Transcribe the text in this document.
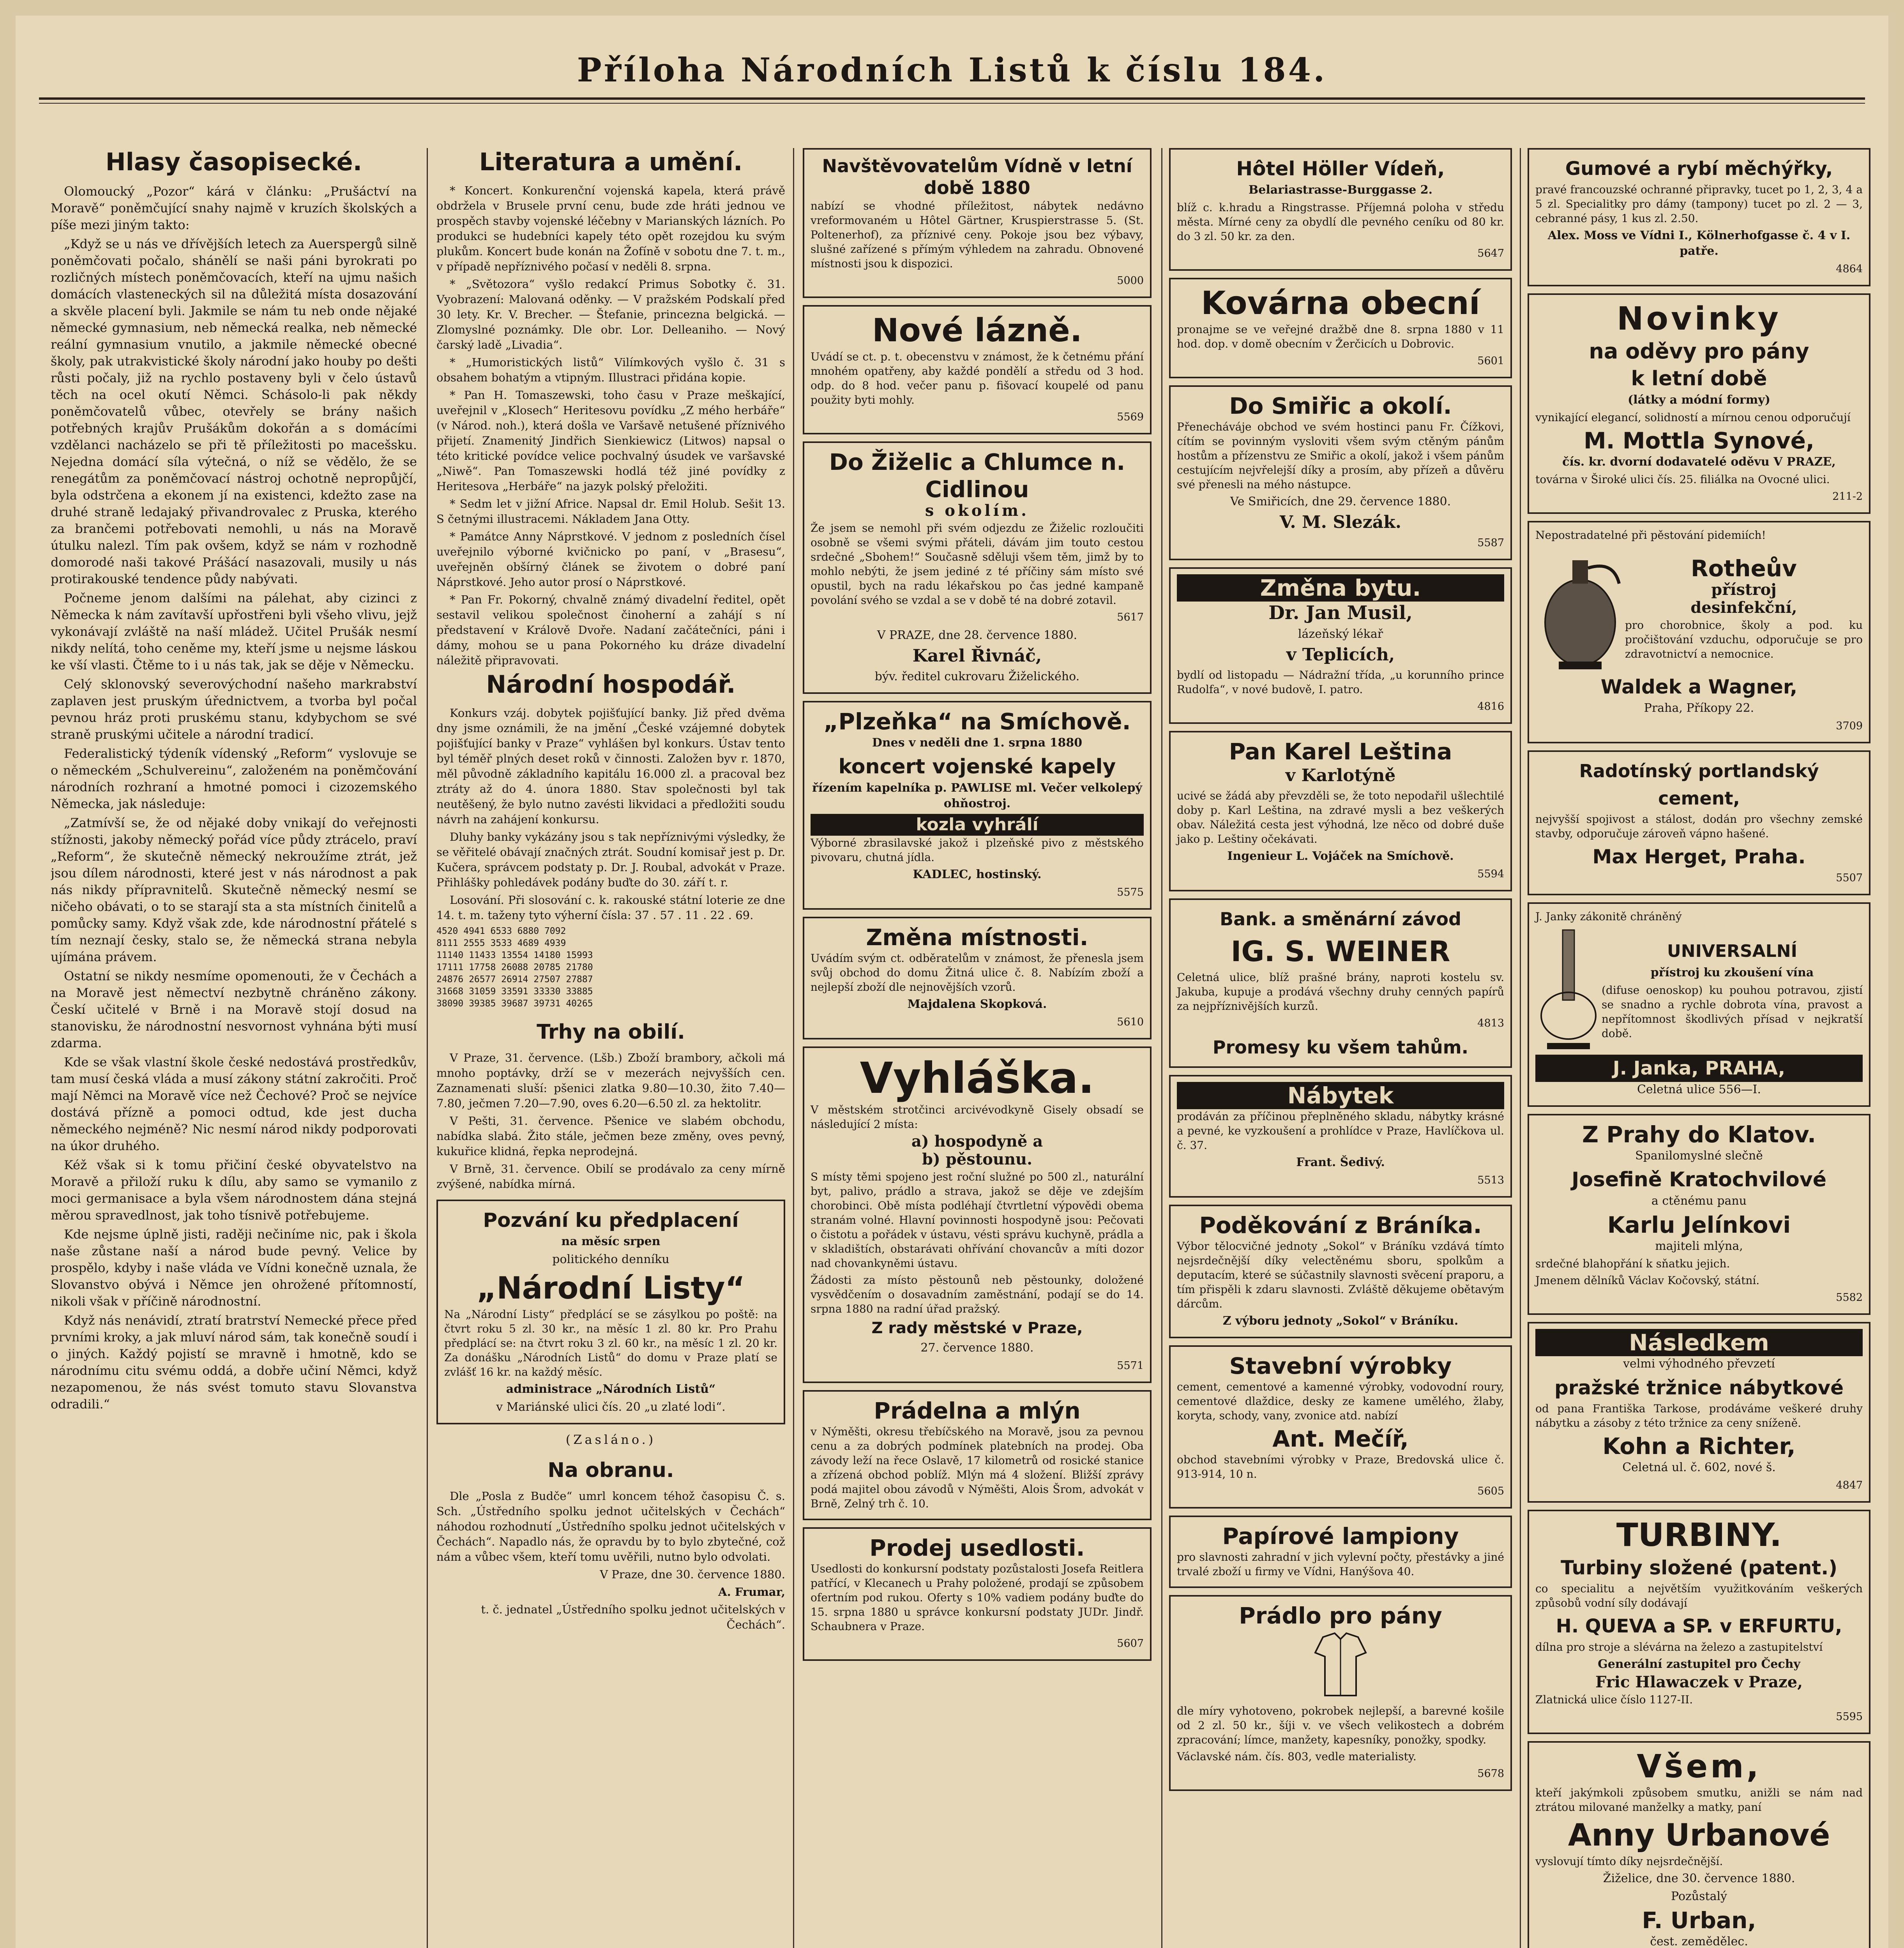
Příloha Národních Listů k číslu 184.
Hlasy časopisecké.

Olomoucký „Pozor“ kárá v článku: „Prušáctví na Moravě“ poněmčující snahy najmě v kruzích školských a píše mezi jiným takto:

„Když se u nás ve dřívějších letech za Auerspergů silně poněmčovati počalo, shánělí se naši páni byrokrati po rozličných místech poněmčovacích, kteří na ujmu našich domácích vlasteneckých sil na důležitá místa dosazování a skvěle placení byli. Jakmile se nám tu neb onde nějaké německé gymnasium, neb německá realka, neb německé reální gymnasium vnutilo, a jakmile německé obecné školy, pak utrakvistické školy národní jako houby po dešti růsti počaly, již na rychlo postaveny byli v čelo ústavů těch na ocel okutí Němci. Schásolo-li pak někdy poněmčovatelů vůbec, otevřely se brány našich potřebných krajův Prušákům dokořán a s domácími vzdělanci nacházelo se při tě příležitosti po macešsku. Nejedna domácí síla výtečná, o níž se vědělo, že se renegátům za poněmčovací nástroj ochotně nepropůjčí, byla odstrčena a ekonem jí na existenci, kdežto zase na druhé straně ledajaký přivandrovalec z Pruska, kterého za brančemi potřebovati nemohli, u nás na Moravě útulku nalezl. Tím pak ovšem, když se nám v rozhodně domorodé naši takové Prášácí nasazovali, musily u nás protirakouské tendence půdy nabývati.

Počneme jenom dalšími na pálehat, aby cizinci z Německa k nám zavítavší upřostřeni byli všeho vlivu, jejž vykonávají zvláště na naší mládež. Učitel Prušák nesmí nikdy nelítá, toho ceněme my, kteří jsme u nejsme láskou ke vší vlasti. Čtěme to i u nás tak, jak se děje v Německu.

Celý sklonovský severovýchodní našeho markrabství zaplaven jest pruským úřednictvem, a tvorba byl počal pevnou hráz proti pruskému stanu, kdybychom se své straně pruskými učitele a národní tradicí.

Federalistický týdeník vídenský „Reform“ vyslovuje se o německém „Schulvereinu“, založeném na poněmčování národních rozhraní a hmotné pomoci i cizozemského Německa, jak následuje:

„Zatmívší se, že od nějaké doby vnikají do veřejnosti stížnosti, jakoby německý pořád více půdy ztrácelo, praví „Reform“, že skutečně německý nekroužíme ztrát, jež jsou dílem národnosti, které jest v nás národnost a pak nás nikdy přípravnitelů. Skutečně německý nesmí se ničeho obávati, o to se starají sta a sta místních činitelů a pomůcky samy. Když však zde, kde národnostní přátelé s tím neznají česky, stalo se, že německá strana nebyla ujímána právem.

Ostatní se nikdy nesmíme opomenouti, že v Čechách a na Moravě jest němectví nezbytně chráněno zákony. Českí učitelé v Brně i na Moravě stojí dosud na stanovisku, že národnostní nesvornost vyhnána býti musí zdarma.

Kde se však vlastní škole české nedostává prostředkův, tam musí česká vláda a musí zákony státní zakročiti. Proč mají Němci na Moravě více než Čechové? Proč se nejvíce dostává přízně a pomoci odtud, kde jest ducha německého nejméně? Nic nesmí národ nikdy podporovati na úkor druhého.

Kéž však si k tomu přičiní české obyvatelstvo na Moravě a přiloží ruku k dílu, aby samo se vymanilo z moci germanisace a byla všem národnostem dána stejná měrou spravedlnost, jak toho tísnivě potřebujeme.

Kde nejsme úplně jisti, raději nečiníme nic, pak i škola naše zůstane naší a národ bude pevný. Velice by prospělo, kdyby i naše vláda ve Vídni konečně uznala, že Slovanstvo obývá i Němce jen ohrožené přítomností, nikoli však v příčině národnostní.

Když nás nenávidí, ztratí bratrství Nemecké přece před prvními kroky, a jak mluví národ sám, tak konečně soudí i o jiných. Každý pojistí se mravně i hmotně, kdo se národnímu citu svému oddá, a dobře učiní Němci, když nezapomenou, že nás svést tomuto stavu Slovanstva odradili.“

Literatura a umění.

* Koncert. Konkurenční vojenská kapela, která právě obdržela v Brusele první cenu, bude zde hráti jednou ve prospěch stavby vojenské léčebny v Marianských lázních. Po produkci se hudebníci kapely této opět rozejdou ku svým plukům. Koncert bude konán na Žofíně v sobotu dne 7. t. m., v případě nepříznivého počasí v neděli 8. srpna.

* „Světozora“ vyšlo redakcí Primus Sobotky č. 31. Vyobrazení: Malovaná oděnky. — V pražském Podskalí před 30 lety. Kr. V. Brecher. — Štefanie, princezna belgická. — Zlomyslné poznámky. Dle obr. Lor. Delleaniho. — Nový čarský ladě „Livadia“.

* „Humoristických listů“ Vilímkových vyšlo č. 31 s obsahem bohatým a vtipným. Illustraci přidána kopie.

* Pan H. Tomaszewski, toho času v Praze meškající, uveřejnil v „Klosech“ Heritesovu povídku „Z mého herbáře“ (v Národ. noh.), která došla ve Varšavě netušené příznivého přijetí. Znamenitý Jindřich Sienkiewicz (Litwos) napsal o této kritické povídce velice pochvalný úsudek ve varšavské „Niwě“. Pan Tomaszewski hodlá též jiné povídky z Heritesova „Herbáře“ na jazyk polský přeložiti.

* Sedm let v jižní Africe. Napsal dr. Emil Holub. Sešit 13. S četnými illustracemi. Nákladem Jana Otty.

* Památce Anny Náprstkové. V jednom z posledních čísel uveřejnilo výborné kvičnicko po paní, v „Brasesu“, uveřejněn obšírný článek se životem o dobré paní Náprstkové. Jeho autor prosí o Náprstkové.

* Pan Fr. Pokorný, chvalně známý divadelní ředitel, opět sestavil velikou společnost činoherní a zahájí s ní představení v Králově Dvoře. Nadaní začátečníci, páni i dámy, mohou se u pana Pokorného ku dráze divadelní náležitě připravovati.

Národní hospodář.

Konkurs vzáj. dobytek pojišťující banky. Již před dvěma dny jsme oznámili, že na jmění „České vzájemné dobytek pojišťující banky v Praze“ vyhlášen byl konkurs. Ústav tento byl téměř plných deset roků v činnosti. Založen byv r. 1870, měl původně základního kapitálu 16.000 zl. a pracoval bez ztráty až do 4. února 1880. Stav společnosti byl tak neutěšený, že bylo nutno zavésti likvidaci a předložiti soudu návrh na zahájení konkursu.

Dluhy banky vykázány jsou s tak nepříznivými výsledky, že se věřitelé obávají značných ztrát. Soudní komisař jest p. Dr. Kučera, správcem podstaty p. Dr. J. Roubal, advokát v Praze. Přihlášky pohledávek podány buďte do 30. září t. r.

Losování. Při slosování c. k. rakouské státní loterie ze dne 14. t. m. taženy tyto výherní čísla: 37 . 57 . 11 . 22 . 69.

4520 4941 6533 6880 7092
8111 2555 3533 4689 4939
11140 11433 13554 14180 15993
17111 17758 26088 20785 21780
24876 26577 26914 27507 27887
31668 31059 33591 33330 33885
38090 39385 39687 39731 40265
Trhy na obilí.

V Praze, 31. července. (Lšb.) Zboží brambory, ačkoli má mnoho poptávky, drží se v mezerách nejvyšších cen. Zaznamenati sluší: pšenici zlatka 9.80—10.30, žito 7.40—7.80, ječmen 7.20—7.90, oves 6.20—6.50 zl. za hektolitr.

V Pešti, 31. července. Pšenice ve slabém obchodu, nabídka slabá. Žito stále, ječmen beze změny, oves pevný, kukuřice klidná, řepka neprodejná.

V Brně, 31. července. Obilí se prodávalo za ceny mírně zvýšené, nabídka mírná.

Pozvání ku předplacení

na měsíc srpen

politického denníku

„Národní Listy“

Na „Národní Listy“ předplácí se se zásylkou po poště: na čtvrt roku 5 zl. 30 kr., na měsíc 1 zl. 80 kr. Pro Prahu předplácí se: na čtvrt roku 3 zl. 60 kr., na měsíc 1 zl. 20 kr. Za donášku „Národních Listů“ do domu v Praze platí se zvlášť 16 kr. na každý měsíc.

administrace „Národních Listů“

v Mariánské ulici čís. 20 „u zlaté lodi“.

(Zasláno.)

Na obranu.

Dle „Posla z Budče“ umrl koncem téhož časopisu Č. s. Sch. „Ústředního spolku jednot učitelských v Čechách“ náhodou rozhodnutí „Ústředního spolku jednot učitelských v Čechách“. Napadlo nás, že opravdu by to bylo zbytečné, což nám a vůbec všem, kteří tomu uvěřili, nutno bylo odvolati.

V Praze, dne 30. července 1880.

A. Frumar,

t. č. jednatel „Ústředního spolku jednot učitelských v Čechách“.

Navštěvovatelům Vídně v letní době 1880

nabízí se vhodné příležitost, nábytek nedávno vreformovaném u Hôtel Gärtner, Kruspierstrasse 5. (St. Poltenerhof), za příznivé ceny. Pokoje jsou bez výbavy, slušné zařízené s přímým výhledem na zahradu. Obnovené místnosti jsou k dispozici.

5000

Nové lázně.

Uvádí se ct. p. t. obecenstvu v známost, že k četnému přání mnohém opatřeny, aby každé pondělí a středu od 3 hod. odp. do 8 hod. večer panu p. fišovací koupelé od panu použity byti mohly.

5569

Do Žiželic a Chlumce n. Cidlinou

s okolím.

Že jsem se nemohl při svém odjezdu ze Žiželic rozloučiti osobně se všemi svými přáteli, dávám jim touto cestou srdečné „Sbohem!“ Současně sděluji všem těm, jimž by to mohlo nebýti, že jsem jediné z té příčiny sám místo své opustil, bych na radu lékařskou po čas jedné kampaně povolání svého se vzdal a se v době té na dobré zotavil.

5617

V PRAZE, dne 28. července 1880.

Karel Řivnáč,

býv. ředitel cukrovaru Žiželického.

„Plzeňka“ na Smíchově.

Dnes v neděli dne 1. srpna 1880

koncert vojenské kapely

řízením kapelníka p. PAWLISE ml. Večer velkolepý ohňostroj.

kozla vyhrálí

Výborné zbrasilavské jakož i plzeňské pivo z městského pivovaru, chutná jídla.

KADLEC, hostinský.

5575

Změna místnosti.

Uvádím svým ct. odběratelům v známost, že přenesla jsem svůj obchod do domu Žitná ulice č. 8. Nabízím zboží a nejlepší zboží dle nejnovějších vzorů.

Majdalena Skopková.

5610

Vyhláška.

V městském strotčinci arcivévodkyně Gisely obsadí se následující 2 místa:

a) hospodyně a

b) pěstounu.

S místy těmi spojeno jest roční služné po 500 zl., naturální byt, palivo, prádlo a strava, jakož se děje ve zdejším chorobinci. Obě místa podléhají čtvrtletní výpovědi obema stranám volné. Hlavní povinnosti hospodyně jsou: Pečovati o čistotu a pořádek v ústavu, vésti správu kuchyně, prádla a v skladištích, obstarávati ohřívání chovancův a míti dozor nad chovankyněmi ústavu.

Žádosti za místo pěstounů neb pěstounky, doložené vysvědčením o dosavadním zaměstnání, podají se do 14. srpna 1880 na radní úřad pražský.

Z rady městské v Praze,

27. července 1880.

5571

Prádelna a mlýn

v Nýměšti, okresu třebíčského na Moravě, jsou za pevnou cenu a za dobrých podmínek platebních na prodej. Oba závody leží na řece Oslavě, 17 kilometrů od rosické stanice a zřízená obchod poblíž. Mlýn má 4 složení. Bližší zprávy podá majitel obou závodů v Nýměšti, Alois Šrom, advokát v Brně, Zelný trh č. 10.

Prodej usedlosti.

Usedlosti do konkursní podstaty pozůstalosti Josefa Reitlera patřící, v Klecanech u Prahy položené, prodají se způsobem ofertním pod rukou. Oferty s 10% vadiem podány buďte do 15. srpna 1880 u správce konkursní podstaty JUDr. Jindř. Schaubnera v Praze.

5607

Hôtel Höller Vídeň,

Belariastrasse-Burggasse 2.

blíž c. k.hradu a Ringstrasse. Příjemná poloha v středu města. Mírné ceny za obydlí dle pevného ceníku od 80 kr. do 3 zl. 50 kr. za den.

5647

Kovárna obecní

pronajme se ve veřejné dražbě dne 8. srpna 1880 v 11 hod. dop. v domě obecním v Žerčicích u Dobrovic.

5601

Do Smiřic a okolí.

Přenecháváje obchod ve svém hostinci panu Fr. Čížkovi, cítím se povinným vysloviti všem svým ctěným pánům hostům a přízenstvu ze Smiřic a okolí, jakož i všem pánům cestujícím nejvřelejší díky a prosím, aby přízeň a důvěru své přenesli na mého nástupce.

Ve Smiřicích, dne 29. července 1880.

V. M. Slezák.

5587

Změna bytu.

Dr. Jan Musil,

lázeňský lékař

v Teplicích,

bydlí od listopadu — Nádražní třída, „u korunního prince Rudolfa“, v nové budově, I. patro.

4816

Pan Karel Leština

v Karlotýně

ucivé se žádá aby převzděli se, že toto nepodařil ušlechtilé doby p. Karl Leština, na zdravé mysli a bez veškerých obav. Náležitá cesta jest výhodná, lze něco od dobré duše jako p. Leštiny očekávati.

Ingenieur L. Vojáček na Smíchově.

5594

Bank. a směnární závod
IG. S. WEINER

Celetná ulice, blíž prašné brány, naproti kostelu sv. Jakuba, kupuje a prodává všechny druhy cenných papírů za nejpříznivějších kurzů.

4813

Promesy ku všem tahům.
Nábytek

prodáván za příčinou přeplněného skladu, nábytky krásné a pevné, ke vyzkoušení a prohlídce v Praze, Havlíčkova ul. č. 37.

Frant. Šedivý.

5513

Poděkování z Bráníka.

Výbor tělocvičné jednoty „Sokol“ v Bráníku vzdává tímto nejsrdečnější díky velectěnému sboru, spolkům a deputacím, které se súčastnily slavnosti svěcení praporu, a tím přispěli k zdaru slavnosti. Zvláště děkujeme obětavým dárcům.

Z výboru jednoty „Sokol“ v Bráníku.

Stavební výrobky

cement, cementové a kamenné výrobky, vodovodní roury, cementové dlaždice, desky ze kamene umělého, žlaby, koryta, schody, vany, zvonice atd. nabízí

Ant. Mečíř,

obchod stavebními výrobky v Praze, Bredovská ulice č. 913-914, 10 n.

5605

Papírové lampiony

pro slavnosti zahradní v jich vylevní počty, přestávky a jiné trvalé zboží u firmy ve Vídni, Hanýšova 40.

Prádlo pro pány

dle míry vyhotoveno, pokrobek nejlepší, a barevné košile od 2 zl. 50 kr., šíji v. ve všech velikostech a dobrém zpracování; límce, manžety, kapesníky, ponožky, spodky.

Václavské nám. čís. 803, vedle materialisty.

5678

Gumové a rybí měchýřky,

pravé francouzské ochranné připravky, tucet po 1, 2, 3, 4 a 5 zl. Specialitky pro dámy (tampony) tucet po zl. 2 — 3, cebranné pásy, 1 kus zl. 2.50.

Alex. Moss ve Vídni I., Kölnerhofgasse č. 4 v I. patře.

4864

Novinky
na oděvy pro pány
k letní době

(látky a módní formy)

vynikající elegancí, solidností a mírnou cenou odporučují

M. Mottla Synové,

čís. kr. dvorní dodavatelé oděvu V PRAZE,

továrna v Široké ulici čís. 25. filiálka na Ovocné ulici.

211-2

Nepostradatelné při pěstování pidemiích!

Rotheův

přístroj

desinfekční,

pro chorobnice, školy a pod. ku pročištování vzduchu, odporučuje se pro zdravotnictví a nemocnice.

Waldek a Wagner,

Praha, Příkopy 22.

3709

Radotínský portlandský cement,

nejvyšší spojivost a stálost, dodán pro všechny zemské stavby, odporučuje zároveň vápno hašené.

Max Herget, Praha.

5507

J. Janky zákonitě chráněný

UNIVERSALNÍ

přístroj ku zkoušení vína

(difuse oenoskop) ku pouhou potravou, zjistí se snadno a rychle dobrota vína, pravost a nepřítomnost škodlivých přísad v nejkratší době.

J. Janka, PRAHA,

Celetná ulice 556—I.

Z Prahy do Klatov.

Spanilomyslné slečně

Josefině Kratochvilové

a ctěnému panu

Karlu Jelínkovi

majiteli mlýna,

srdečné blahopřání k sňatku jejich.

Jmenem dělníků Václav Kočovský, státní.

5582

Následkem

velmi výhodného převzetí

pražské tržnice nábytkové

od pana Františka Tarkose, prodáváme veškeré druhy nábytku a zásoby z této tržnice za ceny sníženě.

Kohn a Richter,

Celetná ul. č. 602, nové š.

4847

TURBINY.
Turbiny složené (patent.)

co specialitu a největším využitkováním veškerých způsobů vodní síly dodávají

H. QUEVA a SP. v ERFURTU,

dílna pro stroje a slévárna na železo a zastupitelství

Generální zastupitel pro Čechy

Fric Hlawaczek v Praze,

Zlatnická ulice číslo 1127-II.

5595

Všem,

kteří jakýmkoli způsobem smutku, anižli se nám nad ztrátou milované manželky a matky, paní

Anny Urbanové

vyslovují tímto díky nejsrdečnější.

Žiželice, dne 30. července 1880.

Pozůstalý

F. Urban,

čest. zemědělec.
